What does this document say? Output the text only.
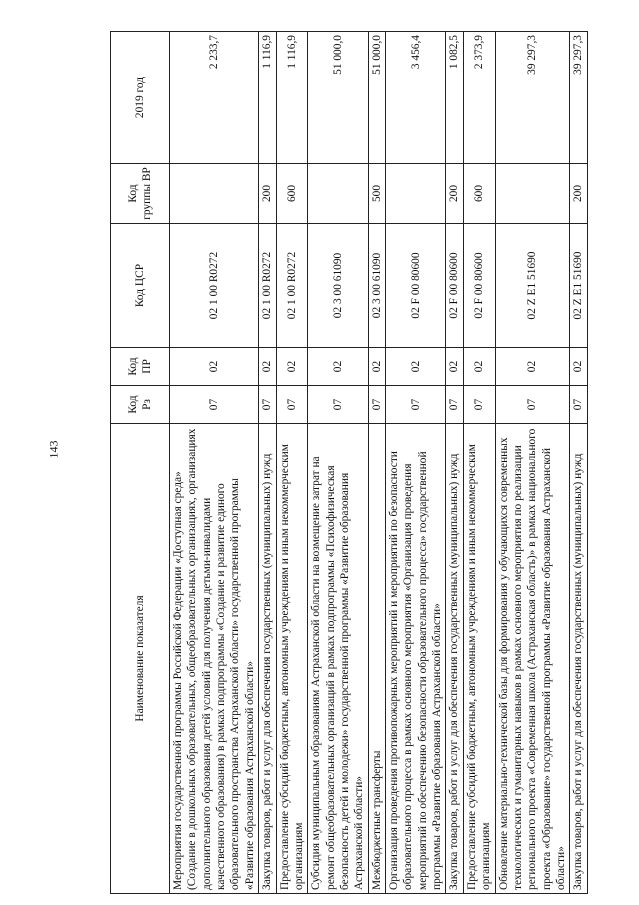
143
Наименование показателя	Код Рз	Код ПР	Код ЦСР	Код группы ВР	2019 год
Мероприятия государственной программы Российской Федерации «Доступная среда» (Создание в дошкольных образовательных, общеобразовательных организациях, организациях дополнительного образования детей условий для получения детьми-инвалидами качественного образования) в рамках подпрограммы «Создание и развитие единого образовательного пространства Астраханской области» государственной программы «Развитие образования Астраханской области»	07	02	02 1 00 R0272		2 233,7
Закупка товаров, работ и услуг для обеспечения государственных (муниципальных) нужд	07	02	02 1 00 R0272	200	1 116,9
Предоставление субсидий бюджетным, автономным учреждениям и иным некоммерческим организациям	07	02	02 1 00 R0272	600	1 116,9
Субсидия муниципальным образованиям Астраханской области на возмещение затрат на ремонт общеобразовательных организаций в рамках подпрограммы «Психофизическая безопасность детей и молодежи» государственной программы «Развитие образования Астраханской области»	07	02	02 3 00 61090		51 000,0
Межбюджетные трансферты	07	02	02 3 00 61090	500	51 000,0
Организация проведения противопожарных мероприятий и мероприятий по безопасности образовательного процесса в рамках основного мероприятия «Организация проведения мероприятий по обеспечению безопасности образовательного процесса» государственной программы «Развитие образования Астраханской области»	07	02	02 F 00 80600		3 456,4
Закупка товаров, работ и услуг для обеспечения государственных (муниципальных) нужд	07	02	02 F 00 80600	200	1 082,5
Предоставление субсидий бюджетным, автономным учреждениям и иным некоммерческим организациям	07	02	02 F 00 80600	600	2 373,9
Обновление материально-технической базы для формирования у обучающихся современных технологических и гуманитарных навыков в рамках основного мероприятия по реализации регионального проекта «Современная школа (Астраханская область)» в рамках национального проекта «Образование» государственной программы «Развитие образования Астраханской области»	07	02	02 Z E1 51690		39 297,3
Закупка товаров, работ и услуг для обеспечения государственных (муниципальных) нужд	07	02	02 Z E1 51690	200	39 297,3
